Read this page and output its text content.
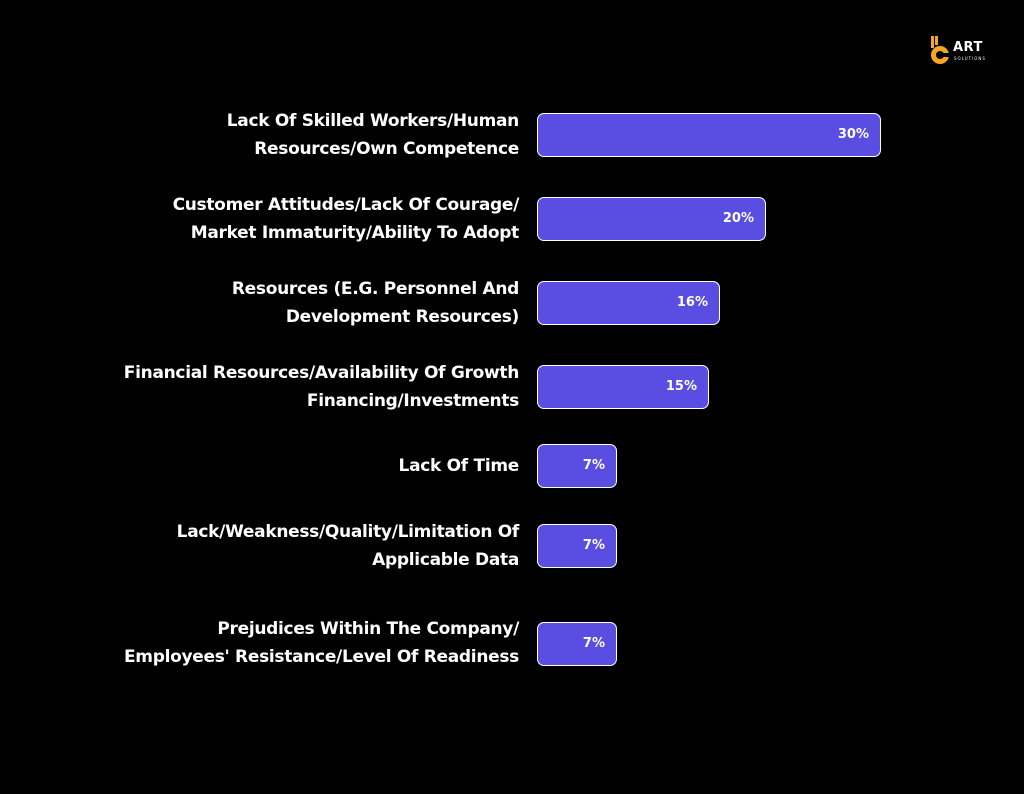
ART
SOLUTIONS
Lack Of Skilled Workers/Human Resources/Own Competence
30%
Customer Attitudes/Lack Of Courage/ Market Immaturity/Ability To Adopt
20%
Resources (E.G. Personnel And Development Resources)
16%
Financial Resources/Availability Of Growth Financing/Investments
15%
Lack Of Time	7%
Lack/Weakness/Quality/Limitation Of Applicable Data
7%
Prejudices Within The Company/ Employees' Resistance/Level Of Readiness
7%
